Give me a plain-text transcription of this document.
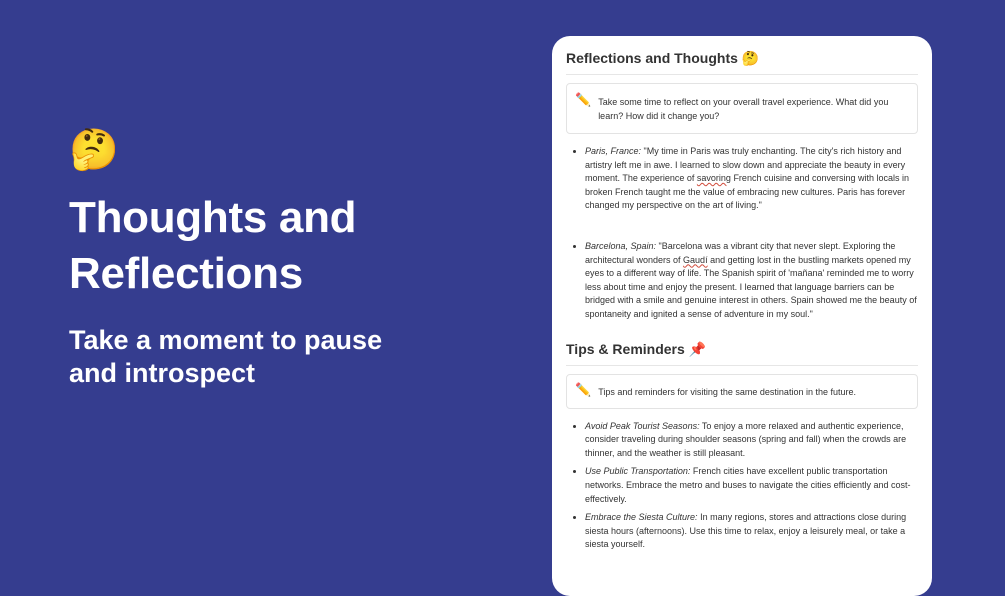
🤔
Thoughts and
Reflections

Take a moment to pause
and introspect

Reflections and Thoughts 🤔
✏️ Take some time to reflect on your overall travel experience. What did you learn? How did it change you?
• Paris, France: "My time in Paris was truly enchanting. The city's rich history and artistry left me in awe. I learned to slow down and appreciate the beauty in every moment. The experience of savoring French cuisine and conversing with locals in broken French taught me the value of embracing new cultures. Paris has forever changed my perspective on the art of living."
• Barcelona, Spain: "Barcelona was a vibrant city that never slept. Exploring the architectural wonders of Gaudí and getting lost in the bustling markets opened my eyes to a different way of life. The Spanish spirit of 'mañana' reminded me to worry less about time and enjoy the present. I learned that language barriers can be bridged with a smile and genuine interest in others. Spain showed me the beauty of spontaneity and ignited a sense of adventure in my soul."
Tips & Reminders 📌
✏️ Tips and reminders for visiting the same destination in the future.
• Avoid Peak Tourist Seasons: To enjoy a more relaxed and authentic experience, consider traveling during shoulder seasons (spring and fall) when the crowds are thinner, and the weather is still pleasant.
• Use Public Transportation: French cities have excellent public transportation networks. Embrace the metro and buses to navigate the cities efficiently and cost-effectively.
• Embrace the Siesta Culture: In many regions, stores and attractions close during siesta hours (afternoons). Use this time to relax, enjoy a leisurely meal, or take a siesta yourself.
